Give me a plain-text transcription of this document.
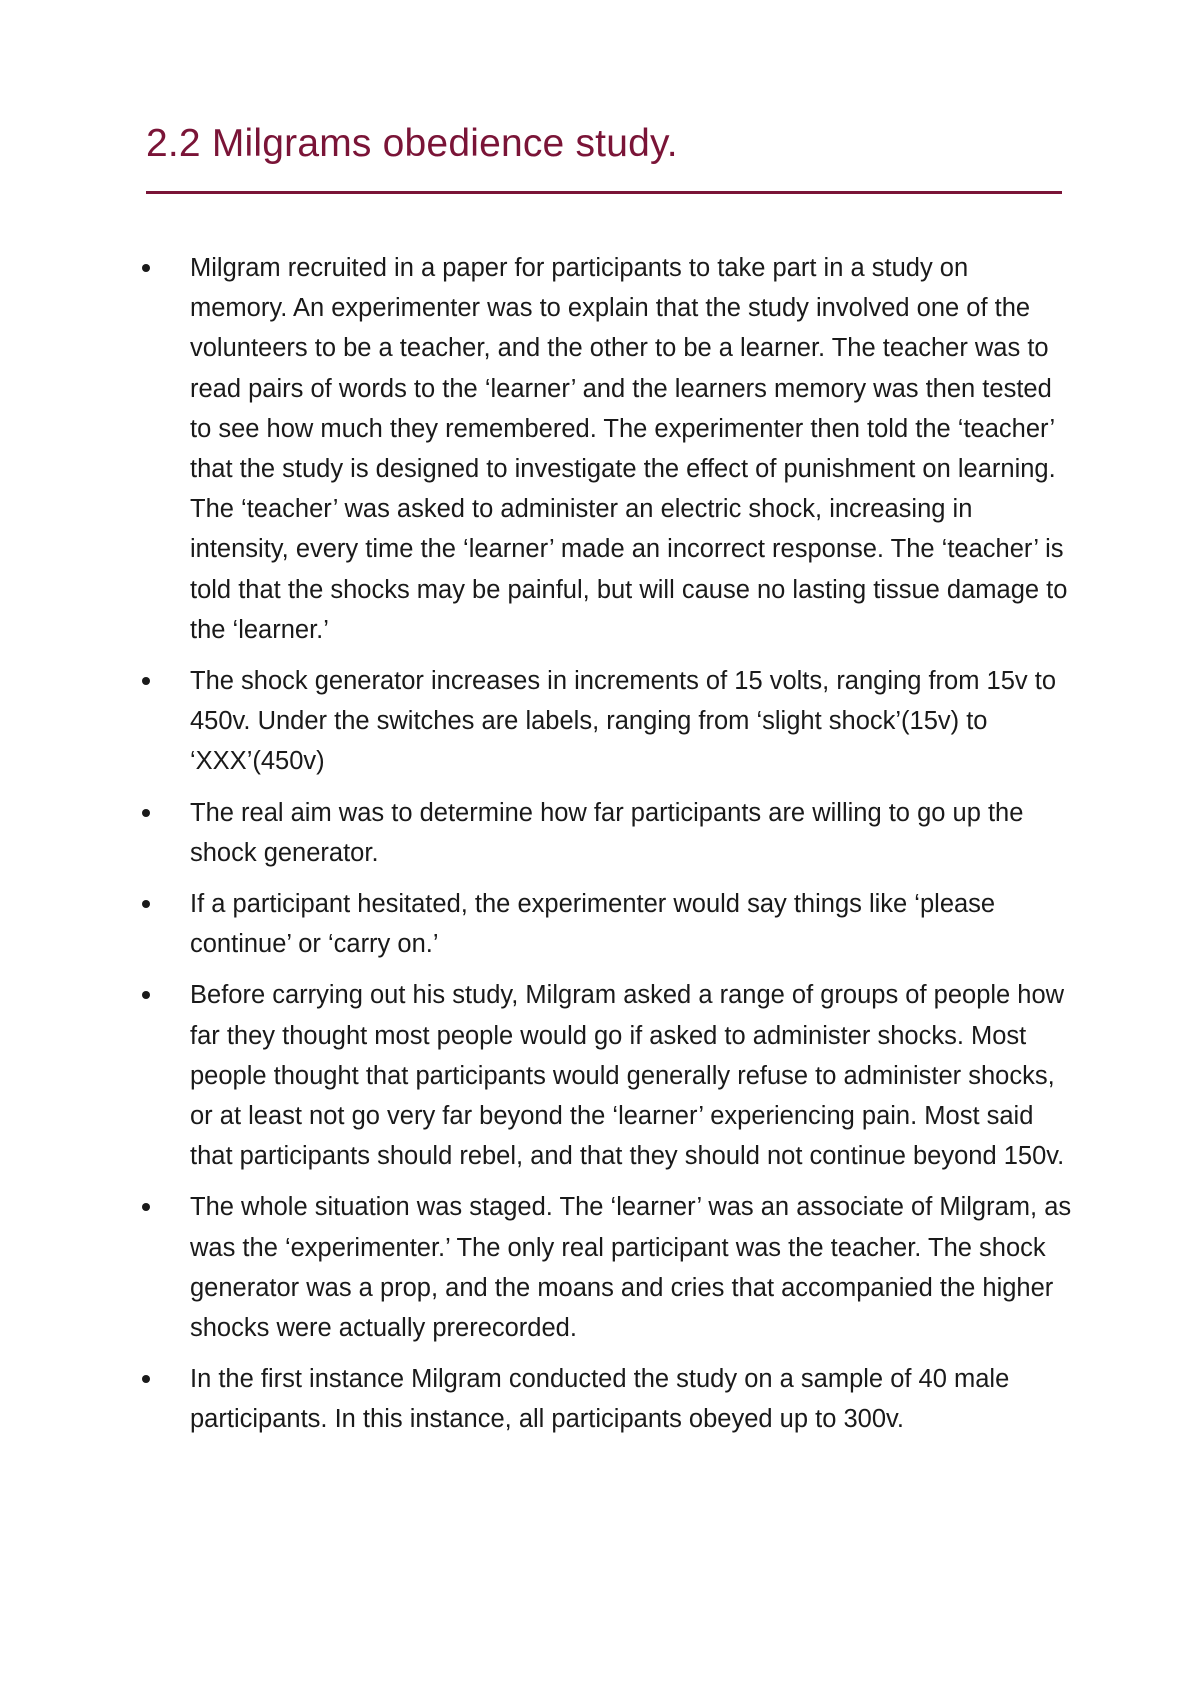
2.2 Milgrams obedience study.
Milgram recruited in a paper for participants to take part in a study on memory. An experimenter was to explain that the study involved one of the volunteers to be a teacher, and the other to be a learner. The teacher was to read pairs of words to the ‘learner’ and the learners memory was then tested to see how much they remembered. The experimenter then told the ‘teacher’ that the study is designed to investigate the effect of punishment on learning. The ‘teacher’ was asked to administer an electric shock, increasing in intensity, every time the ‘learner’ made an incorrect response. The ‘teacher’ is told that the shocks may be painful, but will cause no lasting tissue damage to the ‘learner.’
The shock generator increases in increments of 15 volts, ranging from 15v to 450v. Under the switches are labels, ranging from ‘slight shock’(15v) to ‘XXX’(450v)
The real aim was to determine how far participants are willing to go up the shock generator.
If a participant hesitated, the experimenter would say things like ‘please continue’ or ‘carry on.’
Before carrying out his study, Milgram asked a range of groups of people how far they thought most people would go if asked to administer shocks. Most people thought that participants would generally refuse to administer shocks, or at least not go very far beyond the ‘learner’ experiencing pain. Most said that participants should rebel, and that they should not continue beyond 150v.
The whole situation was staged. The ‘learner’ was an associate of Milgram, as was the ‘experimenter.’ The only real participant was the teacher. The shock generator was a prop, and the moans and cries that accompanied the higher shocks were actually prerecorded.
In the first instance Milgram conducted the study on a sample of 40 male participants. In this instance, all participants obeyed up to 300v.
